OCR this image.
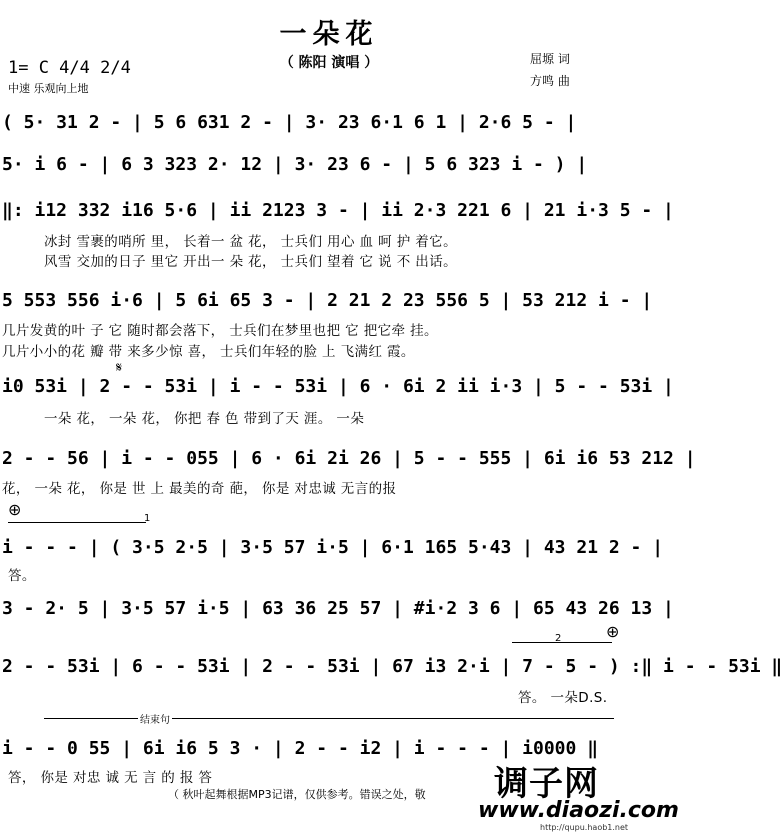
一朵花
（ 陈阳 演唱 ）	屈塬 词
方鸣 曲
1= C 4/4 2/4
中速 乐观向上地
( 5· 31 2 - | 5 6 631 2 - | 3· 23 6·1 6 1 | 2·6 5 - |
5· i 6 - | 6 3 323 2· 12 | 3· 23 6 - | 5 6 323 i - ) |
‖: i12 332 i16 5·6 | ii 2123 3 - | ii 2·3 221 6 | 21 i·3 5 - |
冰封 雪裹的哨所 里， 长着一 盆 花， 士兵们 用心 血 呵 护 着它。
风雪 交加的日子 里它 开出一 朵 花， 士兵们 望着 它 说 不 出话。
5 553 556 i·6 | 5 6i 65 3 - | 2 21 2 23 556 5 | 53 212 i - |
几片发黄的叶 子 它 随时都会落下， 士兵们在梦里也把 它 把它牵 挂。
几片小小的花 瓣 带 来多少惊 喜， 士兵们年轻的脸 上 飞满红 霞。
𝄋
i0 53i | 2 - - 53i | i - - 53i | 6 · 6i 2 ii i·3 | 5 - - 53i |
一朵 花， 一朵 花， 你把 春 色 带到了天 涯。 一朵
2 - - 56 | i - - 055 | 6 · 6i 2i 26 | 5 - - 555 | 6i i6 53 212 |
花， 一朵 花， 你是 世 上 最美的奇 葩， 你是 对忠诚 无言的报
⊕	1
i - - - | ( 3·5 2·5 | 3·5 57 i·5 | 6·1 165 5·43 | 43 21 2 - |
答。
3 - 2· 5 | 3·5 57 i·5 | 63 36 25 57 | #i·2 3 6 | 65 43 26 13 |
2	⊕
2 - - 53i | 6 - - 53i | 2 - - 53i | 67 i3 2·i | 7 - 5 - ) :‖ i - - 53i ‖
答。 一朵D.S.
结束句
i - - 0 55 | 6i i6 5 3 · | 2 - - i2 | i - - - | i0000 ‖
答， 你是 对忠 诚 无 言 的 报 答
（ 秋叶起舞根据MP3记谱，仅供参考。错误之处，敬 调子网
www.diaozi.com
http://qupu.haob1.net
